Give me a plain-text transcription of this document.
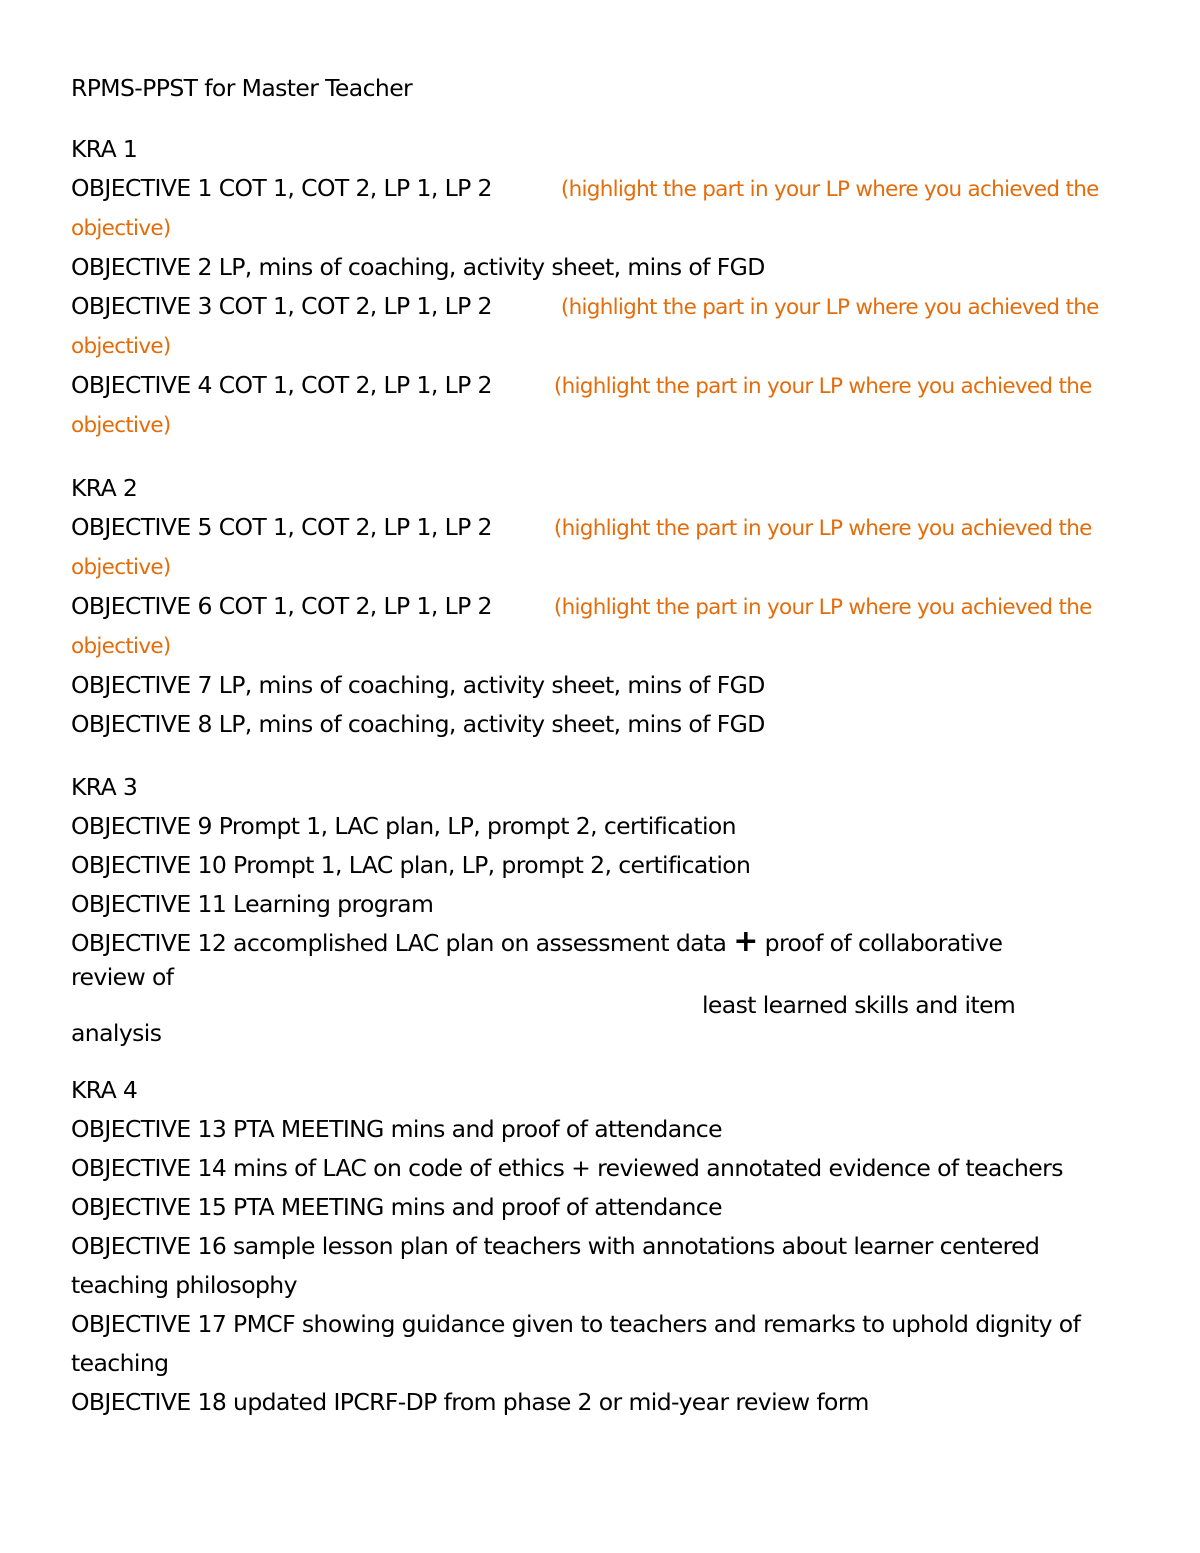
RPMS-PPST for Master Teacher
KRA 1
OBJECTIVE 1 COT 1, COT 2, LP 1, LP 2	(highlight the part in your LP where you achieved the
objective)
OBJECTIVE 2 LP, mins of coaching, activity sheet, mins of FGD
OBJECTIVE 3 COT 1, COT 2, LP 1, LP 2	(highlight the part in your LP where you achieved the
objective)
OBJECTIVE 4 COT 1, COT 2, LP 1, LP 2	(highlight the part in your LP where you achieved the
objective)
KRA 2
OBJECTIVE 5 COT 1, COT 2, LP 1, LP 2	(highlight the part in your LP where you achieved the
objective)
OBJECTIVE 6 COT 1, COT 2, LP 1, LP 2	(highlight the part in your LP where you achieved the
objective)
OBJECTIVE 7 LP, mins of coaching, activity sheet, mins of FGD
OBJECTIVE 8 LP, mins of coaching, activity sheet, mins of FGD
KRA 3
OBJECTIVE 9 Prompt 1, LAC plan, LP, prompt 2, certification
OBJECTIVE 10 Prompt 1, LAC plan, LP, prompt 2, certification
OBJECTIVE 11 Learning program
OBJECTIVE 12 accomplished LAC plan on assessment data + proof of collaborative
review of
least learned skills and item
analysis
KRA 4
OBJECTIVE 13 PTA MEETING mins and proof of attendance
OBJECTIVE 14 mins of LAC on code of ethics + reviewed annotated evidence of teachers
OBJECTIVE 15 PTA MEETING mins and proof of attendance
OBJECTIVE 16 sample lesson plan of teachers with annotations about learner centered teaching philosophy
OBJECTIVE 17 PMCF showing guidance given to teachers and remarks to uphold dignity of teaching
OBJECTIVE 18 updated IPCRF-DP from phase 2 or mid-year review form
